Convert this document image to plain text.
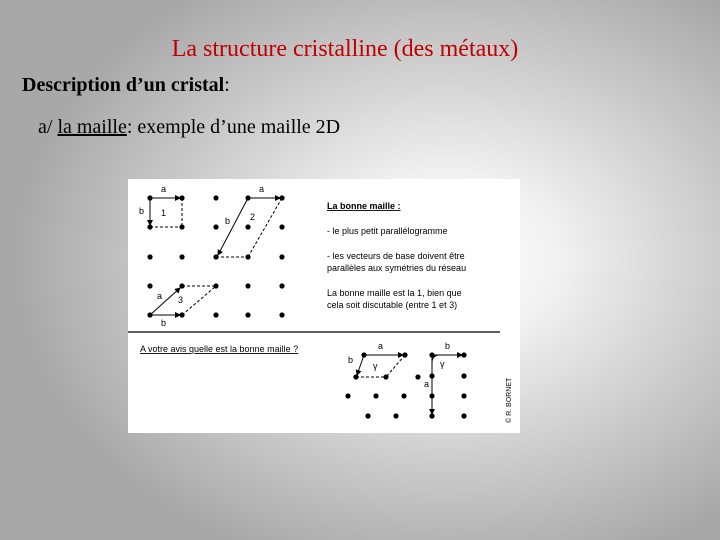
La structure cristalline (des métaux)
Description d’un cristal:
a/ la maille: exemple d’une maille 2D
a
b 1
a
b 2
a
b
3
La bonne maille :
- le plus petit parallélogramme
- les vecteurs de base doivent être
parallèles aux symétries du réseau
La bonne maille est la 1, bien que
cela soit discutable (entre 1 et 3)
A votre avis quelle est la bonne maille ?	a
b
γ
b
a
γ
© R. BORNET
